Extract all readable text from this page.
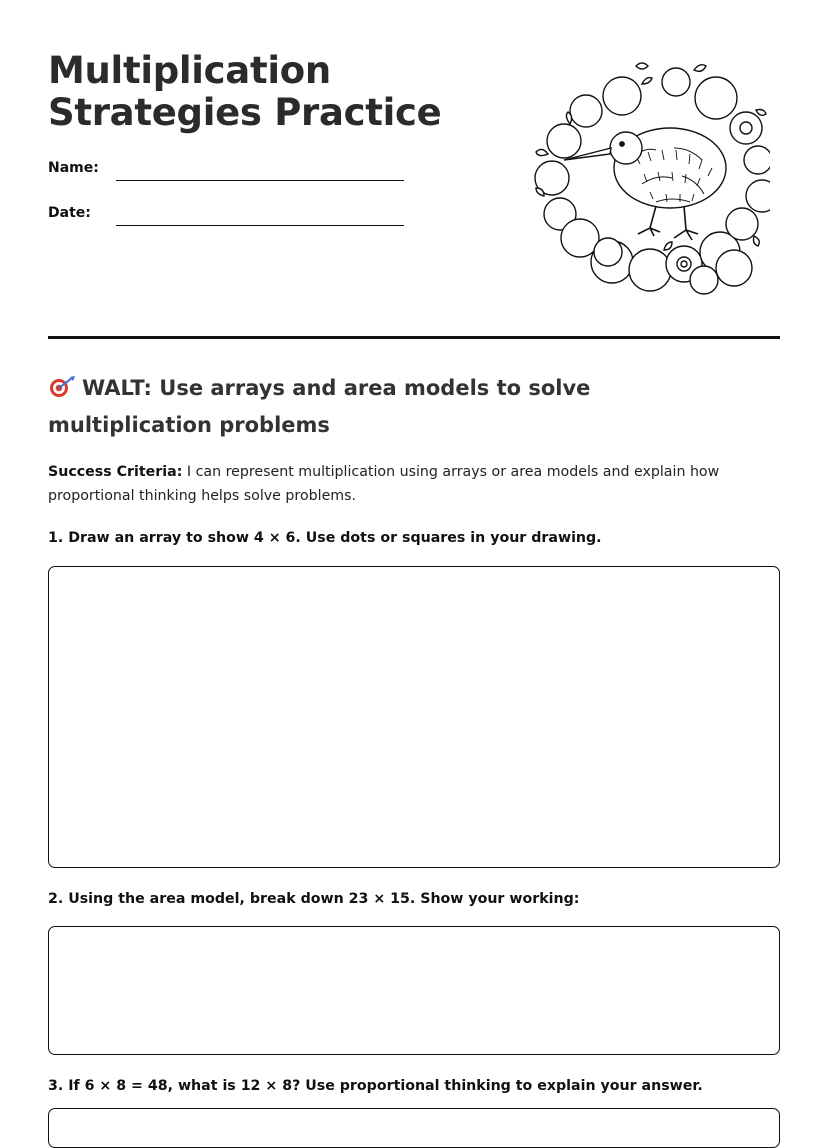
Multiplication
Strategies Practice
Name:
Date:
WALT: Use arrays and area models to solve multiplication problems

Success Criteria: I can represent multiplication using arrays or area models and explain how proportional thinking helps solve problems.

1. Draw an array to show 4 × 6. Use dots or squares in your drawing.

2. Using the area model, break down 23 × 15. Show your working:

3. If 6 × 8 = 48, what is 12 × 8? Use proportional thinking to explain your answer.
